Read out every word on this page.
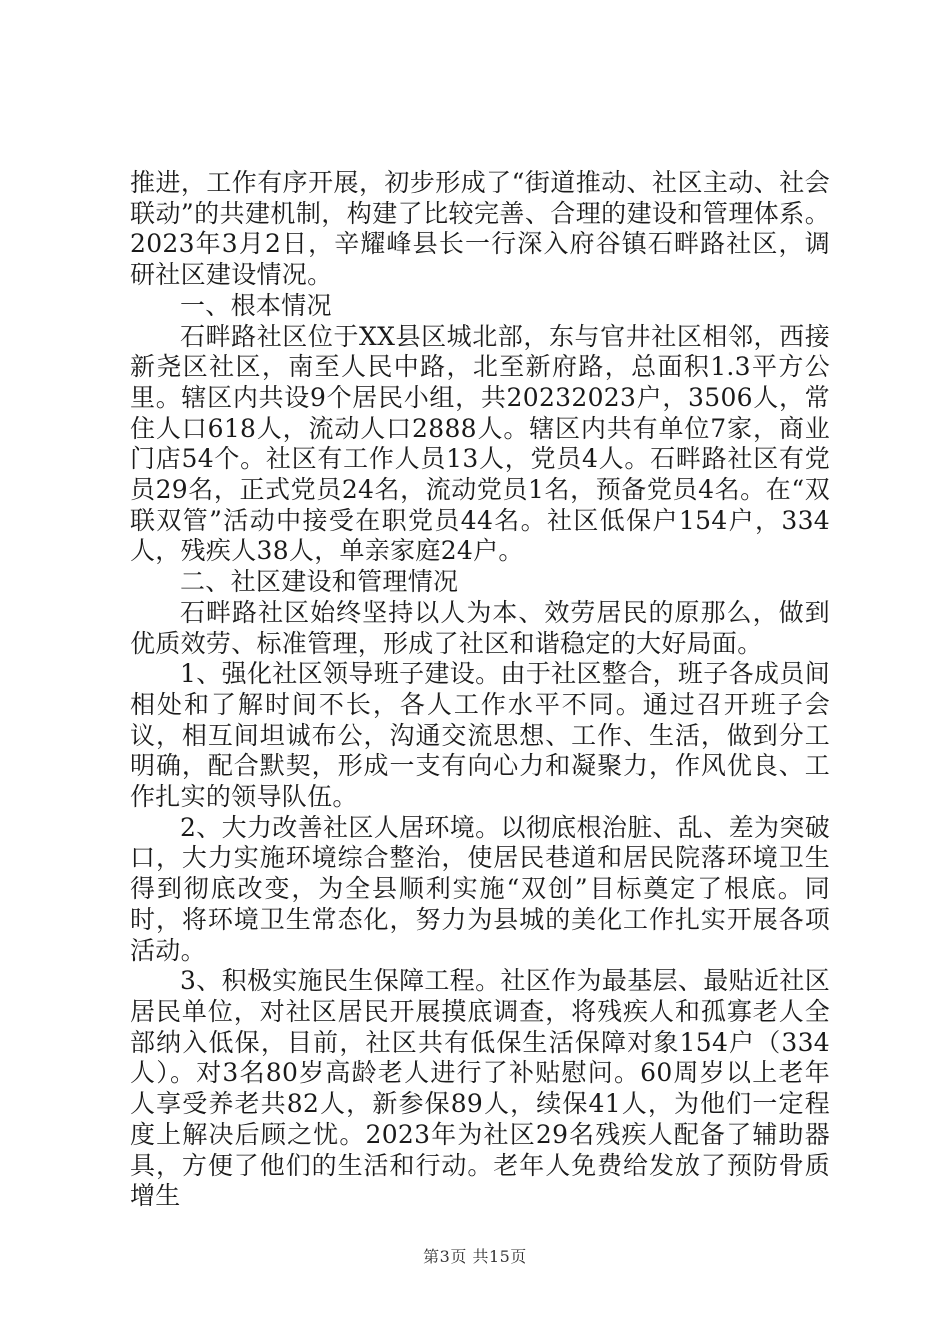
推进，工作有序开展，初步形成了“街道推动、社区主动、社会联动”的共建机制，构建了比较完善、合理的建设和管理体系。2023年3月2日，辛耀峰县长一行深入府谷镇石畔路社区，调研社区建设情况。

一、根本情况

石畔路社区位于XX县区城北部，东与官井社区相邻，西接新尧区社区，南至人民中路，北至新府路，总面积1.3平方公里。辖区内共设9个居民小组，共20232023户，3506人，常住人口618人，流动人口2888人。辖区内共有单位7家，商业门店54个。社区有工作人员13人，党员4人。石畔路社区有党员29名，正式党员24名，流动党员1名，预备党员4名。在“双联双管”活动中接受在职党员44名。社区低保户154户，334人，残疾人38人，单亲家庭24户。

二、社区建设和管理情况

石畔路社区始终坚持以人为本、效劳居民的原那么，做到优质效劳、标准管理，形成了社区和谐稳定的大好局面。

1、强化社区领导班子建设。由于社区整合，班子各成员间相处和了解时间不长，各人工作水平不同。通过召开班子会议，相互间坦诚布公，沟通交流思想、工作、生活，做到分工明确，配合默契，形成一支有向心力和凝聚力，作风优良、工作扎实的领导队伍。

2、大力改善社区人居环境。以彻底根治脏、乱、差为突破口，大力实施环境综合整治，使居民巷道和居民院落环境卫生得到彻底改变，为全县顺利实施“双创”目标奠定了根底。同时，将环境卫生常态化，努力为县城的美化工作扎实开展各项活动。

3、积极实施民生保障工程。社区作为最基层、最贴近社区居民单位，对社区居民开展摸底调查，将残疾人和孤寡老人全部纳入低保，目前，社区共有低保生活保障对象154户（334人）。对3名80岁高龄老人进行了补贴慰问。60周岁以上老年人享受养老共82人，新参保89人，续保41人，为他们一定程度上解决后顾之忧。2023年为社区29名残疾人配备了辅助器具，方便了他们的生活和行动。老年人免费给发放了预防骨质增生

第3页 共15页
